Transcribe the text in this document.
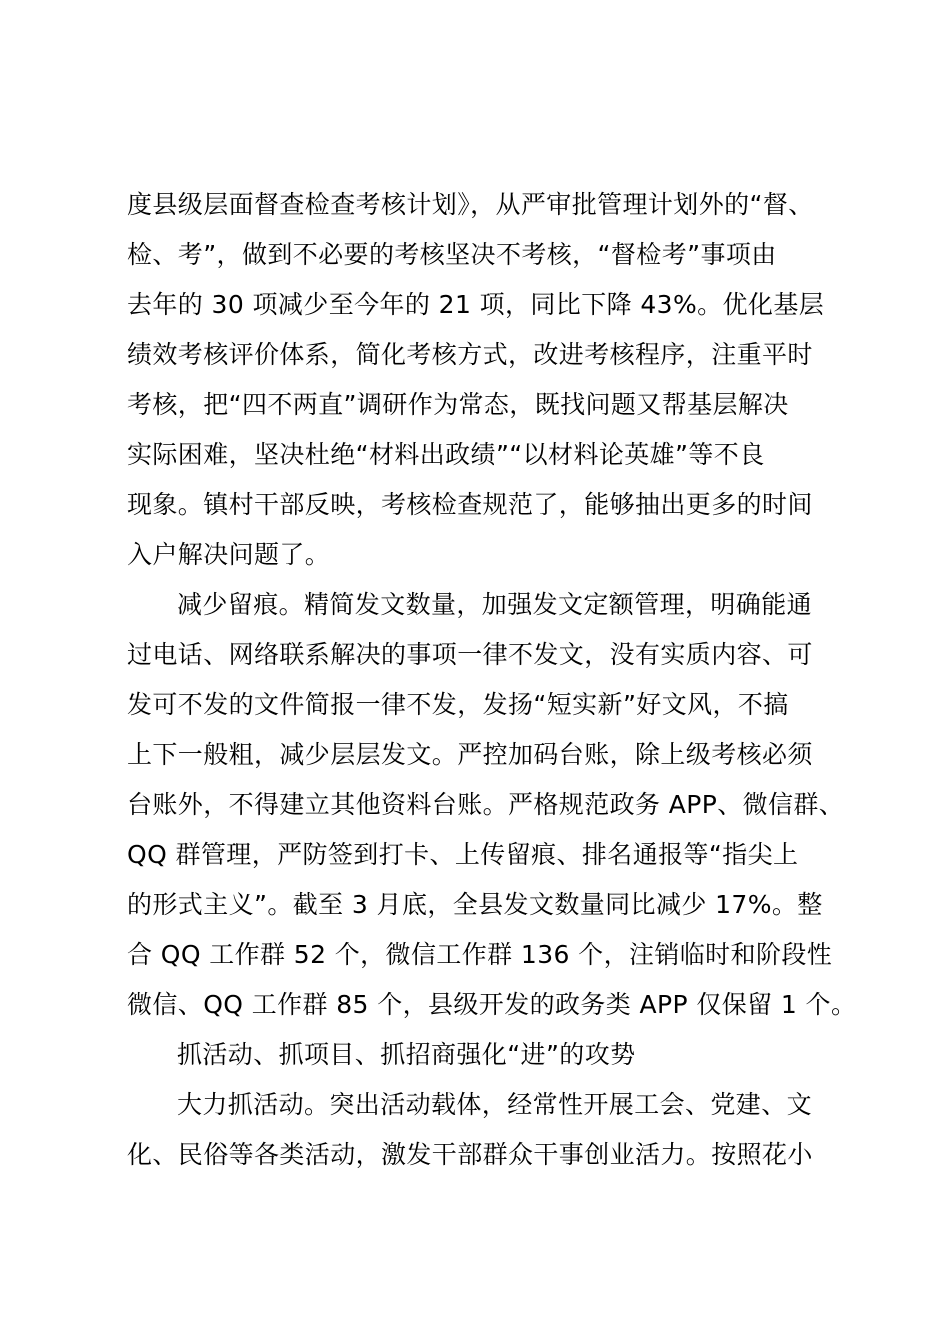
度县级层面督查检查考核计划》，从严审批管理计划外的“督、
检、考”，做到不必要的考核坚决不考核，“督检考”事项由
去年的 30 项减少至今年的 21 项，同比下降 43%。优化基层
绩效考核评价体系，简化考核方式，改进考核程序，注重平时
考核，把“四不两直”调研作为常态，既找问题又帮基层解决
实际困难，坚决杜绝“材料出政绩”“以材料论英雄”等不良
现象。镇村干部反映，考核检查规范了，能够抽出更多的时间
入户解决问题了。
减少留痕。精简发文数量，加强发文定额管理，明确能通
过电话、网络联系解决的事项一律不发文，没有实质内容、可
发可不发的文件简报一律不发，发扬“短实新”好文风，不搞
上下一般粗，减少层层发文。严控加码台账，除上级考核必须
台账外，不得建立其他资料台账。严格规范政务 APP、微信群、
QQ 群管理，严防签到打卡、上传留痕、排名通报等“指尖上
的形式主义”。截至 3 月底，全县发文数量同比减少 17%。整
合 QQ 工作群 52 个，微信工作群 136 个，注销临时和阶段性
微信、QQ 工作群 85 个，县级开发的政务类 APP 仅保留 1 个。
抓活动、抓项目、抓招商强化“进”的攻势
大力抓活动。突出活动载体，经常性开展工会、党建、文
化、民俗等各类活动，激发干部群众干事创业活力。按照花小
